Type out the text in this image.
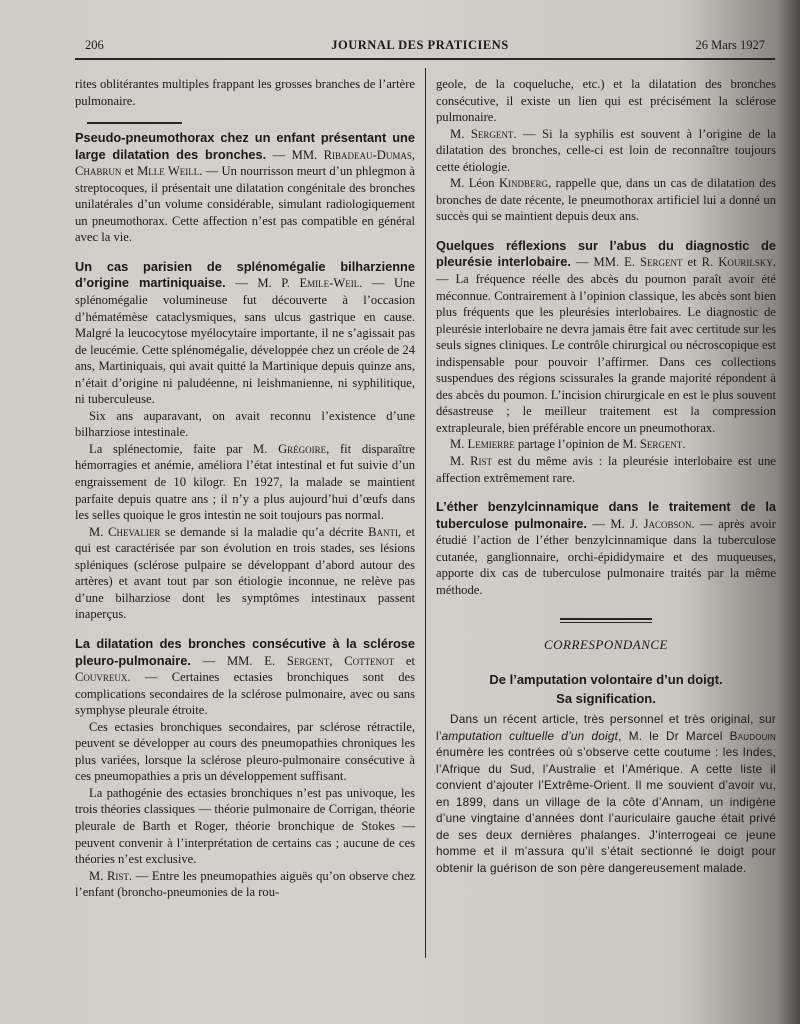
206	JOURNAL DES PRATICIENS	26 Mars 1927

rites oblitérantes multiples frappant les grosses branches de l’artère pulmonaire.

Pseudo-pneumothorax chez un enfant présentant une large dilatation des bronches. — MM. Ribadeau-Dumas, Chabrun et Mlle Weill. — Un nourrisson meurt d’un phlegmon à streptocoques, il présentait une dilatation congénitale des bronches unilatérales d’un volume considérable, simulant radiologiquement un pneumothorax. Cette affection n’est pas compatible en général avec la vie.

Un cas parisien de splénomégalie bilharzienne d’origine martiniquaise. — M. P. Emile-Weil. — Une splénomégalie volumineuse fut découverte à l’occasion d’hématémèse cataclysmiques, sans ulcus gastrique en cause. Malgré la leucocytose myélocytaire importante, il ne s’agissait pas de leucémie. Cette splénomégalie, développée chez un créole de 24 ans, Martiniquais, qui avait quitté la Martinique depuis quinze ans, n’était d’origine ni paludéenne, ni leishmanienne, ni syphilitique, ni tuberculeuse.

Six ans auparavant, on avait reconnu l’existence d’une bilharziose intestinale.

La splénectomie, faite par M. Grégoire, fit disparaître hémorragies et anémie, améliora l’état intestinal et fut suivie d’un engraissement de 10 kilogr. En 1927, la malade se maintient parfaite depuis quatre ans ; il n’y a plus aujourd’hui d’œufs dans les selles quoique le gros intestin ne soit toujours pas normal.

M. Chevalier se demande si la maladie qu’a décrite Banti, et qui est caractérisée par son évolution en trois stades, ses lésions spléniques (sclérose pulpaire se développant d’abord autour des artères) et avant tout par son étiologie inconnue, ne relève pas d’une bilharziose dont les symptômes intestinaux passent inaperçus.

La dilatation des bronches consécutive à la sclérose pleuro-pulmonaire. — MM. E. Sergent, Cottenot et Couvreux. — Certaines ectasies bronchiques sont des complications secondaires de la sclérose pulmonaire, avec ou sans symphyse pleurale étroite.

Ces ectasies bronchiques secondaires, par sclérose rétractile, peuvent se développer au cours des pneumopathies chroniques les plus variées, lorsque la sclérose pleuro-pulmonaire consécutive à ces pneumopathies a pris un développement suffisant.

La pathogénie des ectasies bronchiques n’est pas univoque, les trois théories classiques — théorie pulmonaire de Corrigan, théorie pleurale de Barth et Roger, théorie bronchique de Stokes — peuvent convenir à l’interprétation de certains cas ; aucune de ces théories n’est exclusive.

M. Rist. — Entre les pneumopathies aiguës qu’on observe chez l’enfant (broncho-pneumonies de la rou-

geole, de la coqueluche, etc.) et la dilatation des bronches consécutive, il existe un lien qui est précisément la sclérose pulmonaire.

M. Sergent. — Si la syphilis est souvent à l’origine de la dilatation des bronches, celle-ci est loin de reconnaître toujours cette étiologie.

M. Léon Kindberg, rappelle que, dans un cas de dilatation des bronches de date récente, le pneumothorax artificiel lui a donné un succès qui se maintient depuis deux ans.

Quelques réflexions sur l’abus du diagnostic de pleurésie interlobaire. — MM. E. Sergent et R. Kourilsky. — La fréquence réelle des abcès du poumon paraît avoir été méconnue. Contrairement à l’opinion classique, les abcès sont bien plus fréquents que les pleurésies interlobaires. Le diagnostic de pleurésie interlobaire ne devra jamais être fait avec certitude sur les seuls signes cliniques. Le contrôle chirurgical ou nécroscopique est indispensable pour pouvoir l’affirmer. Dans ces collections suspendues des régions scissurales la grande majorité répondent à des abcès du poumon. L’incision chirurgicale en est le plus souvent désastreuse ; le meilleur traitement est la compression extrapleurale, bien préférable encore un pneumothorax.

M. Lemierre partage l’opinion de M. Sergent.

M. Rist est du même avis : la pleurésie interlobaire est une affection extrêmement rare.

L’éther benzylcinnamique dans le traitement de la tuberculose pulmonaire. — M. J. Jacobson. — après avoir étudié l’action de l’éther benzylcinnamique dans la tuberculose cutanée, ganglionnaire, orchi-épididymaire et des muqueuses, apporte dix cas de tuberculose pulmonaire traités par la même méthode.

CORRESPONDANCE

De l’amputation volontaire d’un doigt.

Sa signification.

Dans un récent article, très personnel et très original, sur l’amputation cultuelle d’un doigt, M. le Dr Marcel Baudouin énumère les contrées où s’observe cette coutume : les Indes, l’Afrique du Sud, l’Australie et l’Amérique. A cette liste il convient d’ajouter l’Extrême-Orient. Il me souvient d’avoir vu, en 1899, dans un village de la côte d’Annam, un indigène d’une vingtaine d’années dont l’auriculaire gauche était privé de ses deux dernières phalanges. J’interrogeai ce jeune homme et il m’assura qu’il s’était sectionné le doigt pour obtenir la guérison de son père dangereusement malade.
